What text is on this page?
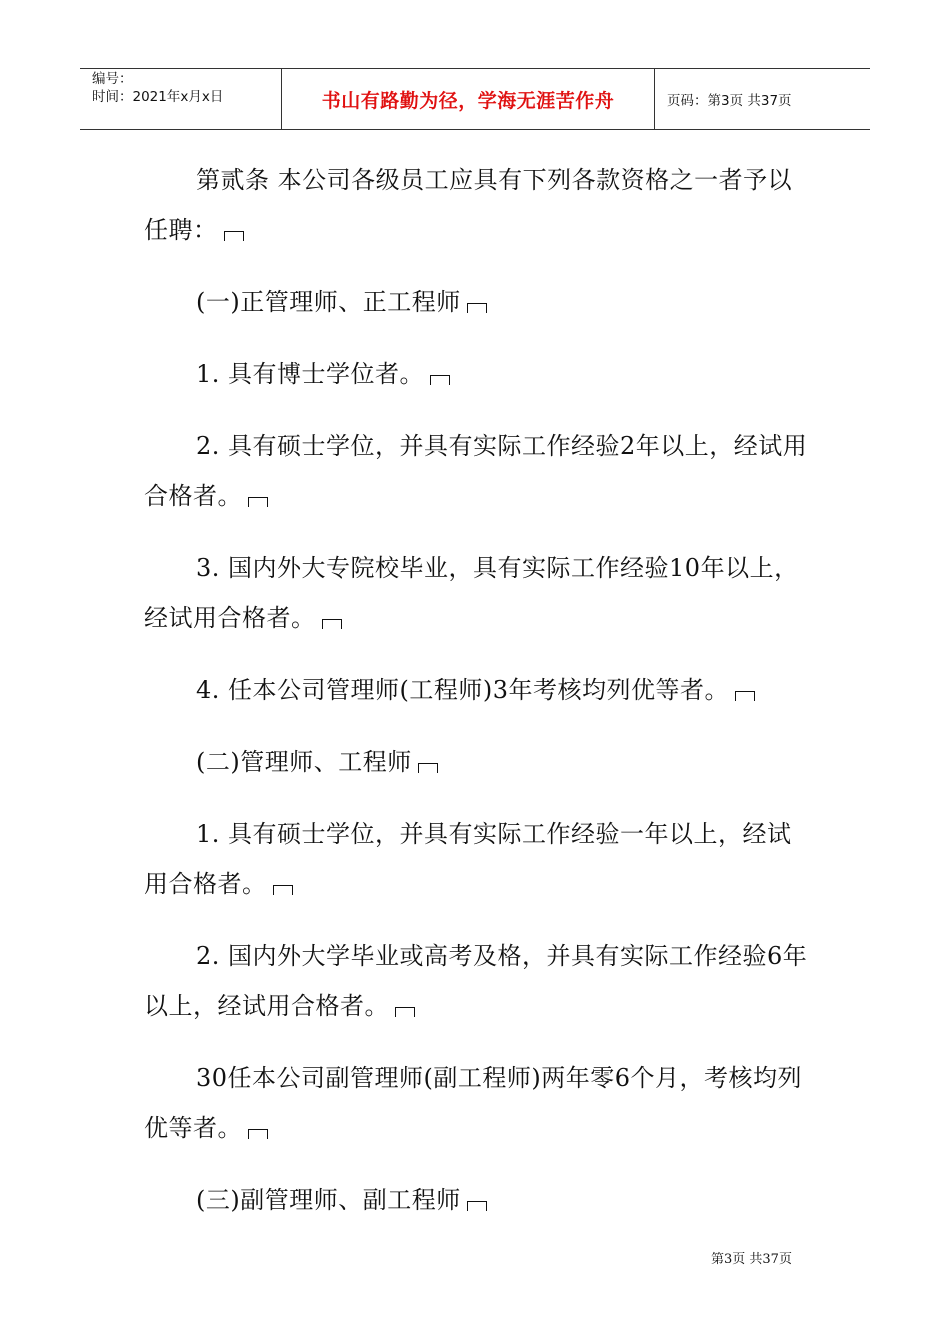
编号：
时间：2021年x月x日	书山有路勤为径，学海无涯苦作舟	页码：第3页 共37页

第贰条 本公司各级员工应具有下列各款资格之一者予以任聘：

(一)正管理师、正工程师

1. 具有博士学位者。

2. 具有硕士学位，并具有实际工作经验2年以上，经试用合格者。

3. 国内外大专院校毕业，具有实际工作经验10年以上，经试用合格者。

4. 任本公司管理师(工程师)3年考核均列优等者。

(二)管理师、工程师

1. 具有硕士学位，并具有实际工作经验一年以上，经试用合格者。

2. 国内外大学毕业或高考及格，并具有实际工作经验6年以上，经试用合格者。

30任本公司副管理师(副工程师)两年零6个月，考核均列优等者。

(三)副管理师、副工程师

第3页 共37页
